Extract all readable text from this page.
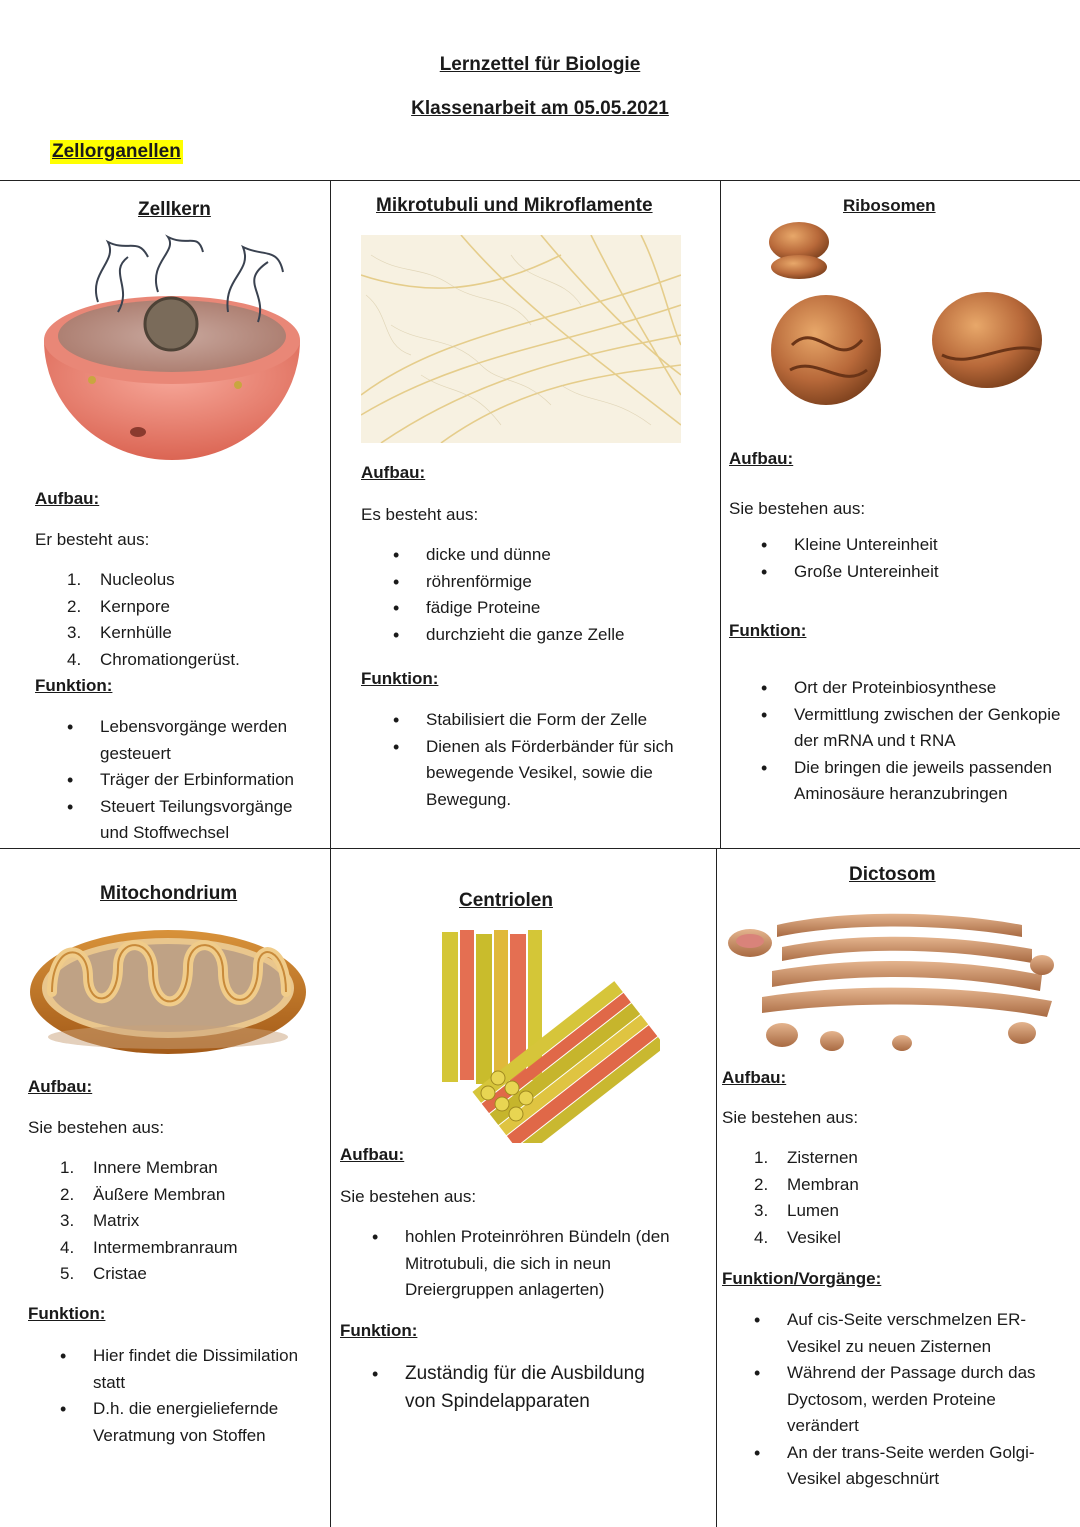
Lernzettel für Biologie
Klassenarbeit am 05.05.2021
Zellorganellen
Zellkern
Aufbau:
Er besteht aus:
1. Nucleolus
2. Kernpore
3. Kernhülle
4. Chromationgerüst.
Funktion:
• Lebensvorgänge werden gesteuert
• Träger der Erbinformation
• Steuert Teilungsvorgänge und Stoffwechsel
Mikrotubuli und Mikroflamente
Aufbau:
Es besteht aus:
• dicke und dünne
• röhrenförmige
• fädige Proteine
• durchzieht die ganze Zelle
Funktion:
• Stabilisiert die Form der Zelle
• Dienen als Förderbänder für sich bewegende Vesikel, sowie die Bewegung.
Ribosomen
Aufbau:
Sie bestehen aus:
• Kleine Untereinheit
• Große Untereinheit
Funktion:
• Ort der Proteinbiosynthese
• Vermittlung zwischen der Genkopie der mRNA und t RNA
• Die bringen die jeweils passenden Aminosäure heranzubringen
Mitochondrium
Aufbau:
Sie bestehen aus:
1. Innere Membran
2. Äußere Membran
3. Matrix
4. Intermembranraum
5. Cristae
Funktion:
• Hier findet die Dissimilation statt
• D.h. die energieliefernde Veratmung von Stoffen
Centriolen
Aufbau:
Sie bestehen aus:
• hohlen Proteinröhren Bündeln (den Mitrotubuli, die sich in neun Dreiergruppen anlagerten)
Funktion:
• Zuständig für die Ausbildung von Spindelapparaten
Dictosom
Aufbau:
Sie bestehen aus:
1. Zisternen
2. Membran
3. Lumen
4. Vesikel
Funktion/Vorgänge:
• Auf cis-Seite verschmelzen ER-Vesikel zu neuen Zisternen
• Während der Passage durch das Dyctosom, werden Proteine verändert
• An der trans-Seite werden Golgi-Vesikel abgeschnürt
